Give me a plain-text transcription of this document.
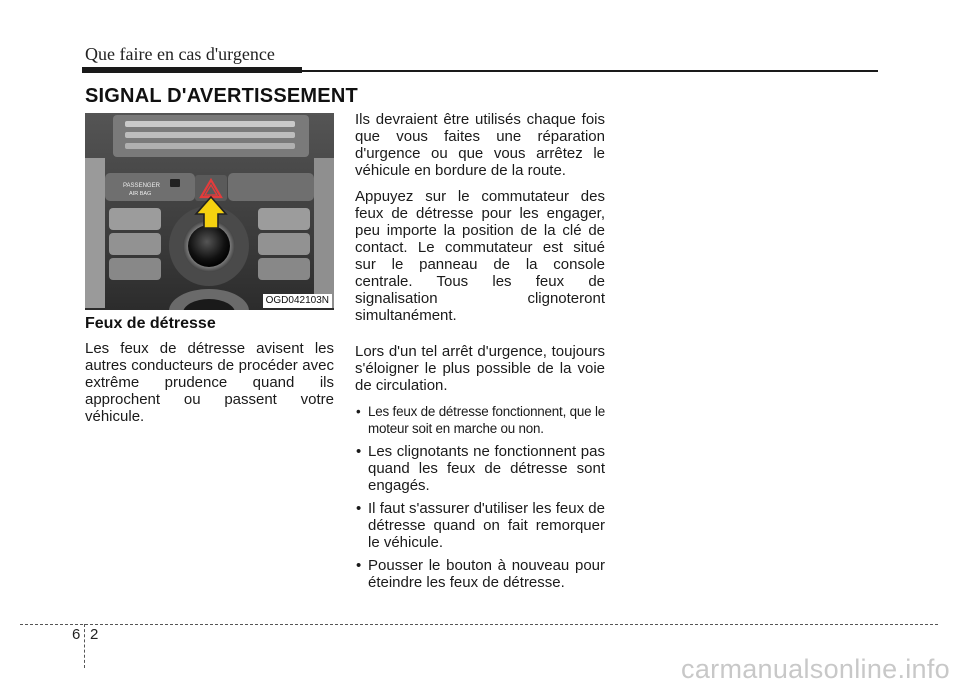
Que faire en cas d'urgence
SIGNAL D'AVERTISSEMENT
PASSENGER
AIR BAG
OGD042103N
Feux de détresse
Les feux de détresse avisent les autres conducteurs de procéder avec extrême prudence quand ils approchent ou passent votre véhicule.

Ils devraient être utilisés chaque fois que vous faites une réparation d'urgence ou que vous arrêtez le véhicule en bordure de la route.

Appuyez sur le commutateur des feux de détresse pour les engager, peu importe la position de la clé de contact. Le commutateur est situé sur le panneau de la console centrale. Tous les feux de signalisation clignoteront simultanément.

Lors d'un tel arrêt d'urgence, toujours s'éloigner le plus possible de la voie de circulation.

• Les feux de détresse fonctionnent, que le moteur soit en marche ou non.
• Les clignotants ne fonctionnent pas quand les feux de détresse sont engagés.
• Il faut s'assurer d'utiliser les feux de détresse quand on fait remorquer le véhicule.
• Pousser le bouton à nouveau pour éteindre les feux de détresse.
6 2
carmanualsonline.info
